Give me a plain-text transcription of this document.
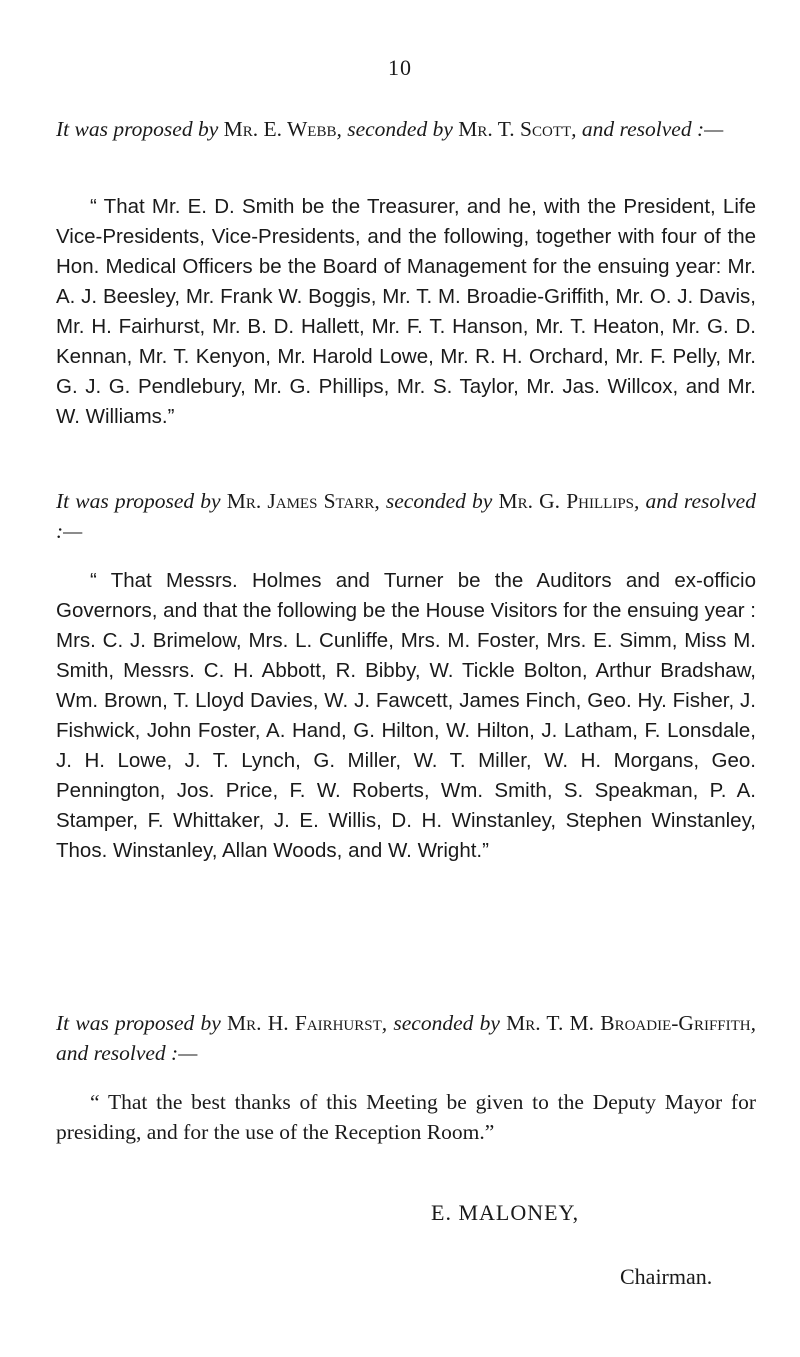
10
It was proposed by Mr. E. Webb, seconded by Mr. T. Scott, and resolved :—
“ That Mr. E. D. Smith be the Treasurer, and he, with the President, Life Vice-Presidents, Vice-Presidents, and the following, together with four of the Hon. Medical Officers be the Board of Management for the ensuing year: Mr. A. J. Beesley, Mr. Frank W. Boggis, Mr. T. M. Broadie-Griffith, Mr. O. J. Davis, Mr. H. Fairhurst, Mr. B. D. Hallett, Mr. F. T. Hanson, Mr. T. Heaton, Mr. G. D. Kennan, Mr. T. Kenyon, Mr. Harold Lowe, Mr. R. H. Orchard, Mr. F. Pelly, Mr. G. J. G. Pendlebury, Mr. G. Phillips, Mr. S. Taylor, Mr. Jas. Willcox, and Mr. W. Williams.”
It was proposed by Mr. James Starr, seconded by Mr. G. Phillips, and resolved :—
“ That Messrs. Holmes and Turner be the Auditors and ex-officio Governors, and that the following be the House Visitors for the ensuing year : Mrs. C. J. Brimelow, Mrs. L. Cunliffe, Mrs. M. Foster, Mrs. E. Simm, Miss M. Smith, Messrs. C. H. Abbott, R. Bibby, W. Tickle Bolton, Arthur Bradshaw, Wm. Brown, T. Lloyd Davies, W. J. Fawcett, James Finch, Geo. Hy. Fisher, J. Fishwick, John Foster, A. Hand, G. Hilton, W. Hilton, J. Latham, F. Lonsdale, J. H. Lowe, J. T. Lynch, G. Miller, W. T. Miller, W. H. Morgans, Geo. Pennington, Jos. Price, F. W. Roberts, Wm. Smith, S. Speakman, P. A. Stamper, F. Whittaker, J. E. Willis, D. H. Winstanley, Stephen Winstanley, Thos. Winstanley, Allan Woods, and W. Wright.”
It was proposed by Mr. H. Fairhurst, seconded by Mr. T. M. Broadie-Griffith, and resolved :—
“ That the best thanks of this Meeting be given to the Deputy Mayor for presiding, and for the use of the Reception Room.”
E. MALONEY,
Chairman.
